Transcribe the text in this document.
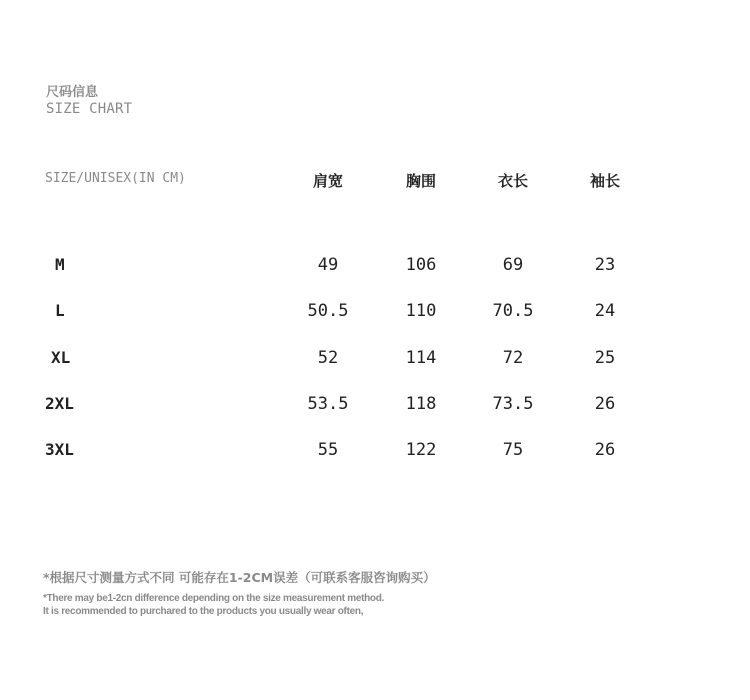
尺码信息
SIZE CHART
SIZE/UNISEX(IN CM)	肩宽	胸围	衣长	袖长
M	49	106	69	23
L	50.5	110	70.5	24
XL	52	114	72	25
2XL	53.5	118	73.5	26
3XL	55	122	75	26
*根据尺寸测量方式不同 可能存在1-2CM误差（可联系客服咨询购买）
*There may be1-2cn difference depending on the size measurement method.
It is recommended to purchared to the products you usually wear often,
